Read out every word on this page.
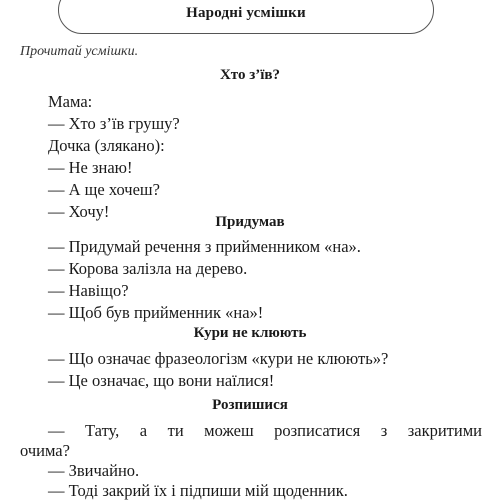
Народні усмішки
Прочитай усмішки.
Хто з’їв?
Мама:
— Хто з’їв грушу?
Дочка (злякано):
— Не знаю!
— А ще хочеш?
— Хочу!
Придумав
— Придумай речення з прийменником «на».
— Корова залізла на дерево.
— Навіщо?
— Щоб був прийменник «на»!
Кури не клюють
— Що означає фразеологізм «кури не клюють»?
— Це означає, що вони наїлися!
Розпишися
— Тату, а ти можеш розписатися з закритими
очима?
— Звичайно.
— Тоді закрий їх і підпиши мій щоденник.
